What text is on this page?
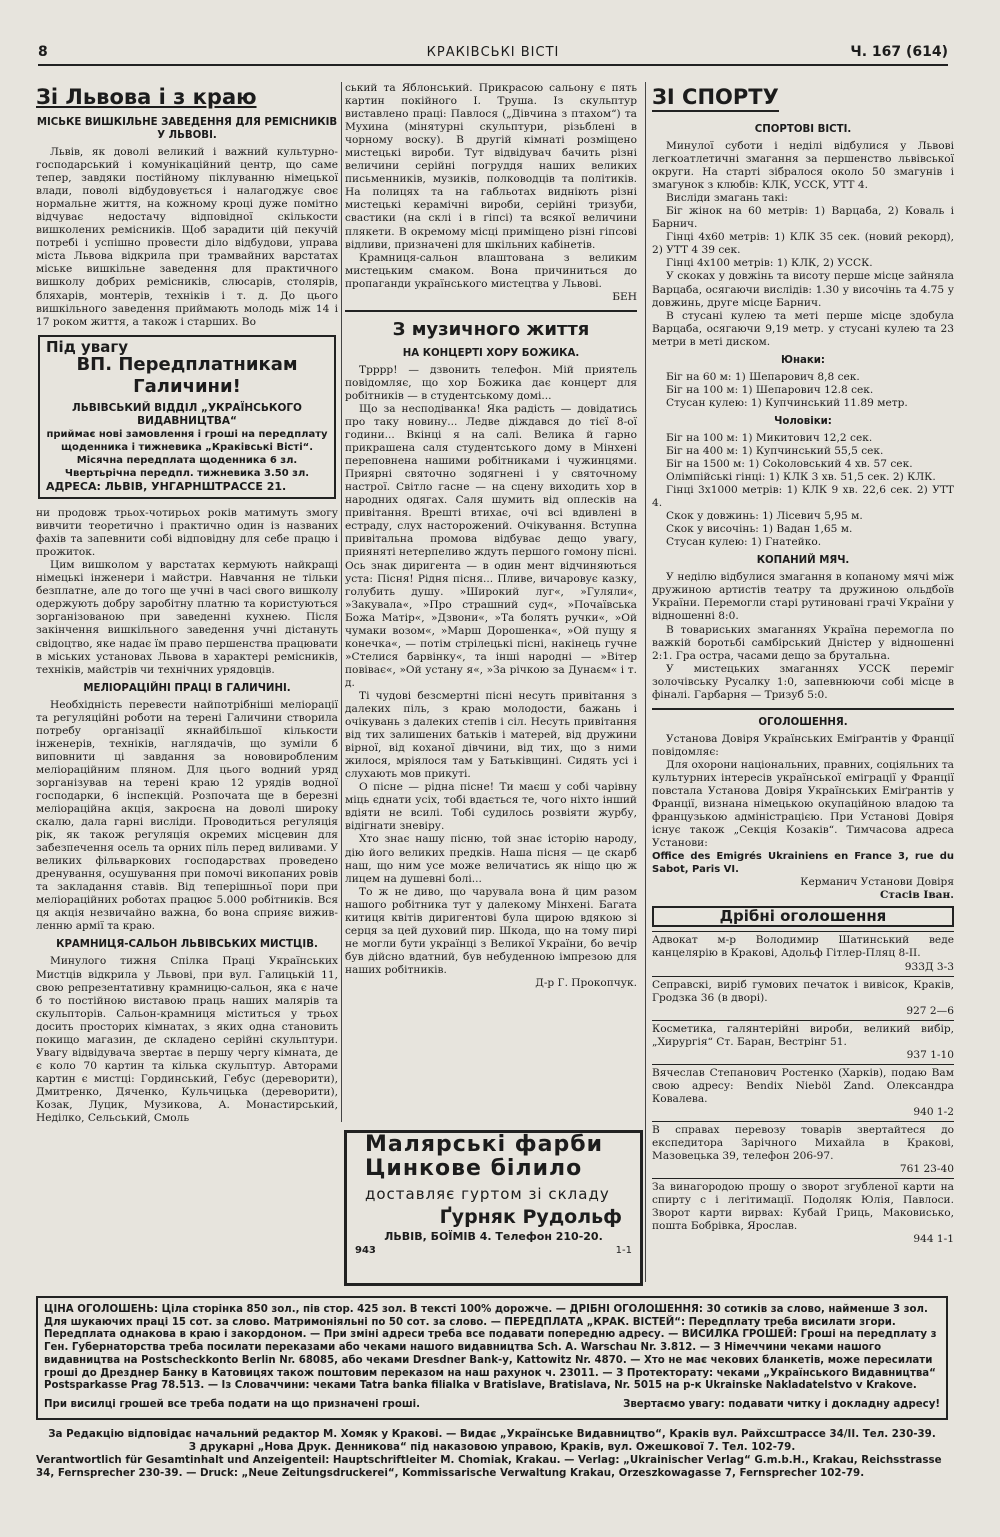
8	КРАКІВСЬКІ ВІСТІ	Ч. 167 (614)
Зі Львова і з краю
МІСЬКЕ ВИШКІЛЬНЕ ЗАВЕДЕННЯ ДЛЯ РЕМІСНИКІВ У ЛЬВОВІ.

Львів, як доволі великий і важний культурно-господарський і комунікаційний центр, що саме тепер, завдяки постійному піклуванню німецької влади, поволі відбудовується і налагоджує своє нормальне життя, на кожному кроці дуже помітно відчуває недостачу відповідної скількости вишколених ремісників. Щоб зарадити цій пекучій потребі і успішно провести діло відбудови, управа міста Львова відкрила при трамвайних варстатах міське вишкільне заведення для практичного вишколу добрих ремісників, слюсарів, столярів, бляхарів, монтерів, техніків і т. д. До цього вишкільного заведення приймають молодь між 14 і 17 роком життя, а також і старших. Во

Під увагу
ВП. Передплатникам Галичини!
ЛЬВІВСЬКИЙ ВІДДІЛ „УКРАЇНСЬКОГО ВИДАВНИЦТВА“
приймає нові замовлення і гроші на передплату щоденника і тижневика „Краківські Вісті“.
Місячна передплата щоденника 6 зл.
Чвертьрічна передпл. тижневика 3.50 зл.
АДРЕСА: ЛЬВІВ, УНГАРНШТРАССЕ 21.

ни продовж трьох-чотирьох років матимуть змогу вивчити теоретично і практично один із названих фахів та запевнити собі відповідну для себе працю і прожиток.

Цим вишколом у варстатах кермують найкращі німецькі інженери і майстри. Навчання не тільки безплатне, але до того ще учні в часі свого вишколу одержують добру заробітну платню та користуються зорганізованою при заведенні кухнею. Після закінчення вишкільного заведення учні дістануть свідоцтво, яке надає їм право першенства працювати в міських установах Львова в характері ремісників, техніків, майстрів чи технічних урядовців.

МЕЛІОРАЦІЙНІ ПРАЦІ В ГАЛИЧИНІ.

Необхідність перевести найпотрібніші меліорації та регуляційні роботи на терені Галичини створила потребу організації якнайбільшої кількости інженерів, техніків, наглядачів, що зуміли б виповнити ці завдання за нововиробленим меліораційним пляном. Для цього водний уряд зорганізував на терені краю 12 урядів водної господарки, 6 інспекцій. Розпочата ще в березні меліораційна акція, закроєна на доволі широку скалю, дала гарні висліди. Проводиться регуляція рік, як також регуляція окремих місцевин для забезпечення осель та орних піль перед виливами. У великих фільваркових господарствах проведено дренування, осушування при помочі викопаних ровів та закладання ставів. Від теперішньої пори при меліораційних роботах працює 5.000 робітників. Вся ця акція незвичайно важна, бо вона сприяє виживленню армії та краю.

КРАМНИЦЯ-САЛЬОН ЛЬВІВСЬКИХ МИСТЦІВ.

Минулого тижня Спілка Праці Українських Мистців відкрила у Львові, при вул. Галицькій 11, свою репрезентативну крамницю-сальон, яка є наче б то постійною виставою праць наших малярів та скульпторів. Сальон-крамниця міститься у трьох досить просторих кімнатах, з яких одна становить покищо магазин, де складено серійні скульптури. Увагу відвідувача звертає в першу чергу кімната, де є коло 70 картин та кілька скульптур. Авторами картин є мистці: Гординський, Гебус (дереворити), Дмитренко, Дяченко, Кульчицька (дереворити), Козак, Луцик, Музикова, А. Монастирський, Неділко, Сельський, Смоль

ський та Яблонський. Прикрасою сальону є пять картин покійного І. Труша. Із скульптур виставлено праці: Павлося („Дівчина з птахом“) та Мухина (мінятурні скульптури, різьблені в чорному воску). В другій кімнаті розміщено мистецькі вироби. Тут відвідувач бачить різні величини серійні погруддя наших великих письменників, музиків, полководців та політиків. На полицях та на габльотах видніють різні мистецькі керамічні вироби, серійні тризуби, свастики (на склі і в гіпсі) та всякої величини плякети. В окремому місці приміщено різні гіпсові відливи, призначені для шкільних кабінетів.

Крамниця-сальон влаштована з великим мистецьким смаком. Вона причиниться до пропаганди українського мистецтва у Львові.

БЕН
З музичного життя
НА КОНЦЕРТІ ХОРУ БОЖИКА.

Трррр! — дзвонить телефон. Мій приятель повідомляє, що хор Божика дає концерт для робітників — в студентському домі...

Що за несподіванка! Яка радість — довідатись про таку новину... Ледве діждався до тієї 8-ої години... Вкінці я на салі. Велика й гарно прикрашена саля студентського дому в Мінхені переповнена нашими робітниками і чужинцями. Приярні святочно зодягнені і у святочному настрої. Світло гасне — на сцену виходить хор в народних одягах. Саля шумить від оплесків на привітання. Врешті втихає, очі всі вдивлені в естраду, слух насторожений. Очікування. Вступна привітальна промова відбуває дещо увагу, прияняті нетерпеливо ждуть першого гомону пісні. Ось знак диригента — в один мент відчиняються уста: Пісня! Рідня пісня... Пливе, вичаровує казку, голубить душу. »Широкий луг«, »Гуляли«, »Закувала«, »Про страшний суд«, »Почаївська Божа Матір«, »Дзвони«, »Та болять ручки«, »Ой чумаки возом«, »Марш Дорошенка«, »Ой пущу я конечка«, — потім стрілецькі пісні, накінець гучне »Стелися барвінку«, та інші народні — »Вітер повіває«, »Ой устану я«, »За річкою за Дунаєм« і т. д.

Ті чудові безсмертні пісні несуть привітання з далеких піль, з краю молодости, бажань і очікувань з далеких степів і сіл. Несуть привітання від тих залишених батьків і матерей, від дружини вірної, від коханої дівчини, від тих, що з ними жилося, мріялося там у Батьківщині. Сидять усі і слухають мов прикуті.

О пісне — рідна пісне! Ти маєш у собі чарівну міць єднати усіх, тобі вдається те, чого ніхто інший вдіяти не всилі. Тобі судилось розвіяти журбу, відігнати зневіру.

Хто знає нашу пісню, той знає історію народу, дію його великих предків. Наша пісня — це скарб наш, що ним усе може величатись як ніщо цю ж лицем на душевні болі...

То ж не диво, що чарувала вона й цим разом нашого робітника тут у далекому Мінхені. Багата китиця квітів диригентові була щирою вдякою зі серця за цей духовий пир. Шкода, що на тому пирі не могли бути українці з Великої України, бо вечір був дійсно вдатний, був небуденною імпрезою для наших робітників.

Д-р Г. Прокопчук.
Малярські фарби
Цинкове білило
доставляє гуртом зі складу
Ґурняк Рудольф
ЛЬВІВ, БОЇМІВ 4. Телефон 210-20.
1-1
943
ЗІ СПОРТУ
СПОРТОВІ ВІСТІ.

Минулої суботи і неділі відбулися у Львові легкоатлетичні змагання за першенство львівської округи. На старті зібралося около 50 змагунів і змагунок з клюбів: КЛК, УССК, УТТ 4.

Висліди змагань такі:

Біг жінок на 60 метрів: 1) Варцаба, 2) Коваль і Барнич.

Гінці 4х60 метрів: 1) КЛК 35 сек. (новий рекорд), 2) УТТ 4 39 сек.

Гінці 4х100 метрів: 1) КЛК, 2) УССК.

У скоках у довжінь та висоту перше місце зайняла Варцаба, осягаючи вислідів: 1.30 у височінь та 4.75 у довжинь, друге місце Барнич.

В стусані кулею та меті перше місце здобула Варцаба, осягаючи 9,19 метр. у стусані кулею та 23 метри в меті диском.

Юнаки:

Біг на 60 м: 1) Шепарович 8,8 сек.

Біг на 100 м: 1) Шепарович 12.8 сек.

Стусан кулею: 1) Купчинський 11.89 метр.

Чоловіки:

Біг на 100 м: 1) Микитович 12,2 сек.

Біг на 400 м: 1) Купчинський 55,5 сек.

Біг на 1500 м: 1) Сokoловський 4 хв. 57 сек.

Олімпійські гінці: 1) КЛК 3 хв. 51,5 сек. 2) КЛК.

Гінці 3х1000 метрів: 1) КЛК 9 хв. 22,6 сек. 2) УТТ 4.

Скок у довжинь: 1) Лісевич 5,95 м.

Скок у височінь: 1) Вадан 1,65 м.

Стусан кулею: 1) Гнатейко.

КОПАНИЙ МЯЧ.

У неділю відбулися змагання в копаному мячі між дружиною артистів театру та дружиною ольдбоїв України. Перемогли старі рутиновані грачі України у відношенні 8:0.

В товариських змаганнях Україна перемогла по важкій боротьбі самбірський Дністер у відношенні 2:1. Гра остра, часами дещо за брутальна.

У мистецьких змаганнях УССК переміг золочівську Русалку 1:0, запевнюючи собі місце в фіналі. Гарбарня — Тризуб 5:0.

ОГОЛОШЕННЯ.

Установа Довіря Українських Еміґрантів у Франції повідомляє:

Для охорони національних, правних, соціяльних та культурних інтересів української еміграції у Франції повстала Установа Довіря Українських Еміґрантів у Франції, визнана німецькою окупаційною владою та французькою адміністрацією. При Установі Довіря існує також „Секція Козаків“. Тимчасова адреса Установи:

Office des Emigrés Ukrainiens en France 3, rue du Sabot, Paris VI.

Керманич Установи Довіря
Стасів Іван.
Дрібні оголошення

Адвокат м-р Володимир Шатинський веде канцелярію в Кракові, Адольф Гітлер-Пляц 8-II.

933Д 3-3

Сеправскі, виріб гумових печаток і вивісок, Краків, Гродзка 36 (в дворі).

927 2—6

Косметика, галянтерійні вироби, великий вибір, „Хирургія“ Ст. Баран, Вестрінг 51.

937 1-10

Вячеслав Степанович Ростенко (Харків), подаю Вам свою адресу: Bendix Nieböl Zand. Олександра Ковалева.

940 1-2

В справах перевозу товарів звертайтеся до експедитора Зарічного Михайла в Кракові, Мазовецька 39, телефон 206-97.

761 23-40

За винагородою прошу о зворот згубленої карти на спирту с і легітимації. Подоляк Юлія, Павлоси. Зворот карти вирвах: Кубай Гриць, Маковисько, пошта Бобрівка, Ярослав.

944 1-1
ЦІНА ОГОЛОШЕНЬ: Ціла сторінка 850 зол., пів стор. 425 зол. В тексті 100% дорожче. — ДРІБНІ ОГОЛОШЕННЯ: 30 сотиків за слово, найменше 3 зол. Для шукаючих праці 15 сот. за слово. Матримоніяльні по 50 сот. за слово. — ПЕРЕДПЛАТА „КРАК. ВІСТЕЙ“: Передплату треба висилати згори. Передплата однакова в краю і закордоном. — При зміні адреси треба все подавати попередню адресу. — ВИСИЛКА ГРОШЕЙ: Гроші на передплату з Ген. Губернаторства треба посилати переказами або чеками нашого видавництва Sch. A. Warschau Nr. 3.812. — З Німеччини чеками нашого видавництва на Postscheckkonto Berlin Nr. 68085, або чеками Dresdner Bank-у, Kattowitz Nr. 4870. — Хто не має чекових бланкетів, може пересилати гроші до Дрезднер Банку в Катовицях також поштовим переказом на наш рахунок ч. 23011. — З Протекторату: чеками „Українського Видавництва“ Postsparkasse Prag 78.513. — Із Словаччини: чеками Tatra banka filialka v Bratislave, Bratislava, Nr. 5015 на р-к Ukrainske Nakladatelstvo v Krakove.
Звертаємо увагу: подавати читку і докладну адресу!
При висилці грошей все треба подати на що призначені гроші.
За Редакцію відповідає начальний редактор М. Хомяк у Кракові. — Видає „Українське Видавництво“, Краків вул. Райхсштрассе 34/II. Тел. 230-39.
З друкарні „Нова Друк. Денникова“ під наказовою управою, Краків, вул. Ожешкової 7. Тел. 102-79.
Verantwortlich für Gesamtinhalt und Anzeigenteil: Hauptschriftleiter M. Chomiak, Krakau. — Verlag: „Ukrainischer Verlag“ G.m.b.H., Krakau, Reichsstrasse 34, Fernsprecher 230-39. — Druck: „Neue Zeitungsdruckerei“, Kommissarische Verwaltung Krakau, Orzeszkowagasse 7, Fernsprecher 102-79.
